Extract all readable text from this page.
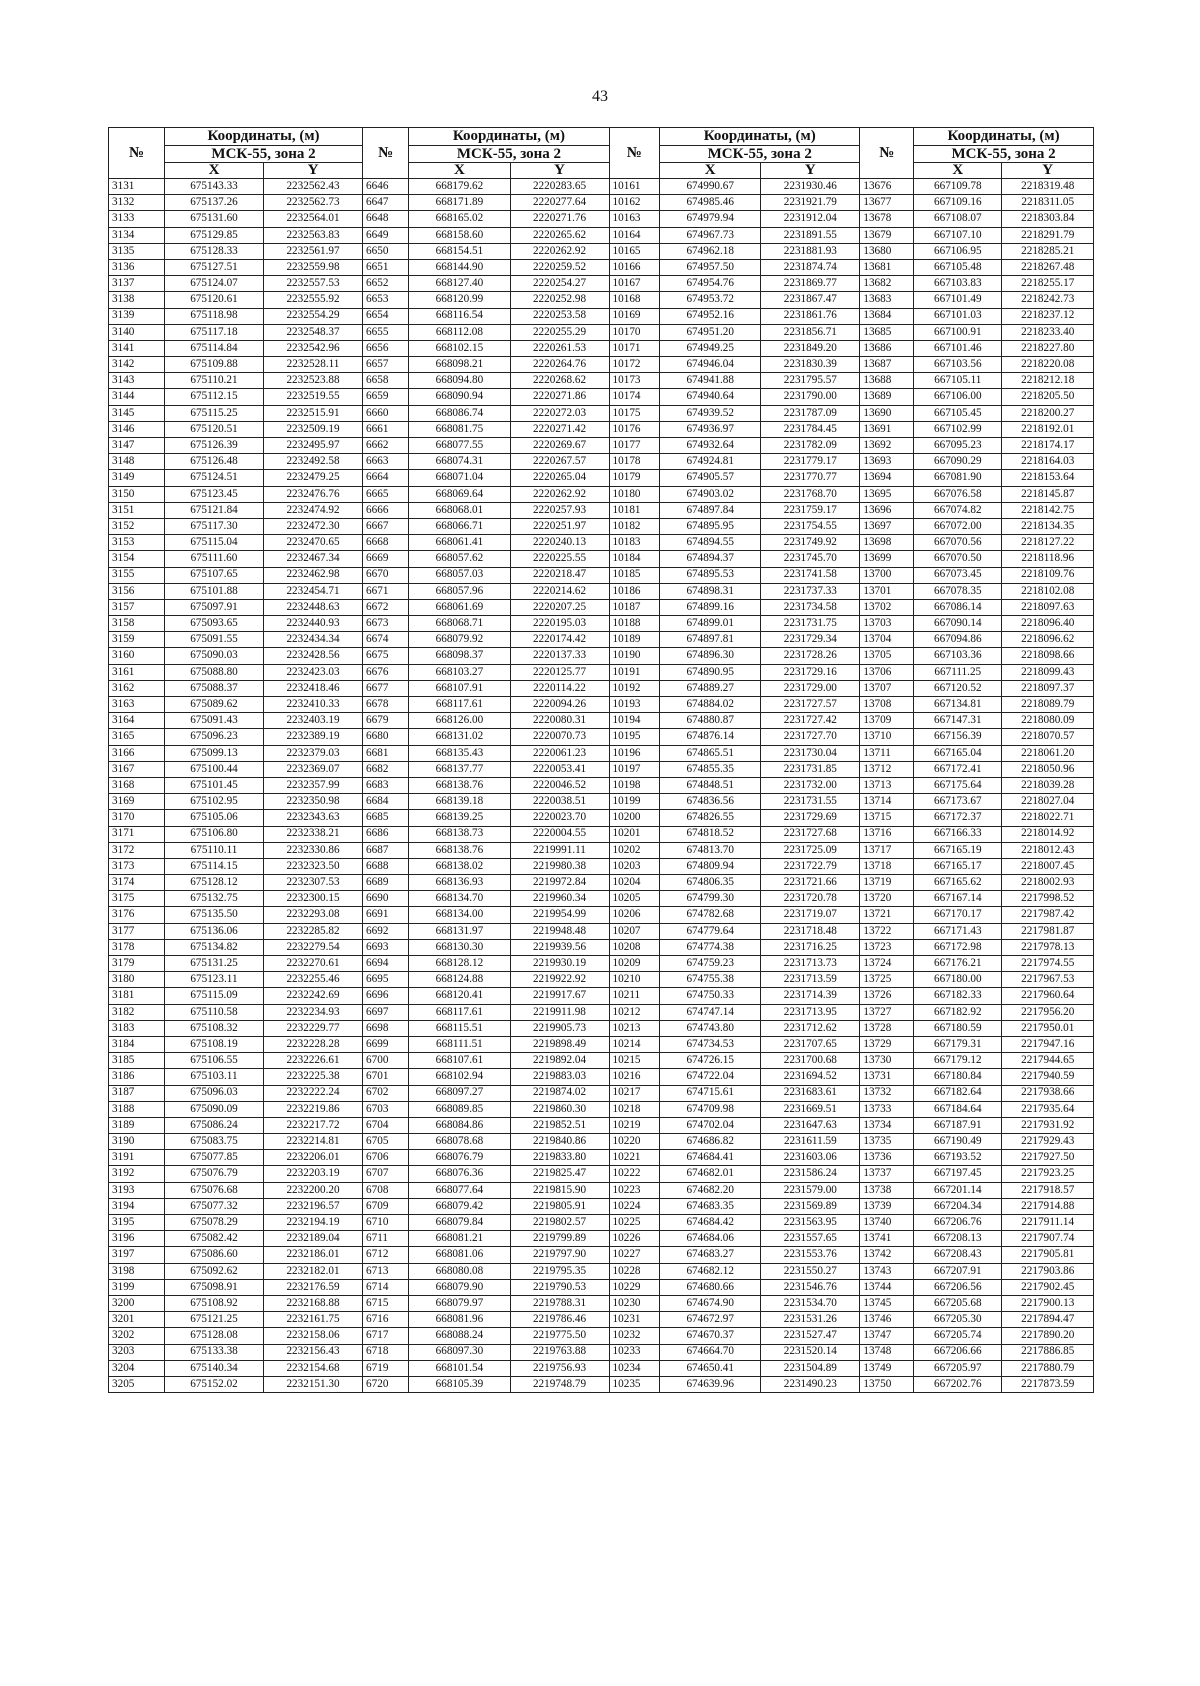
43
№	Координаты, (м)		№	Координаты, (м)		№	Координаты, (м)		№	Координаты, (м)	
	МСК-55, зона 2			МСК-55, зона 2			МСК-55, зона 2			МСК-55, зона 2	
	X	Y		X	Y		X	Y		X	Y
3131	675143.33	2232562.43	6646	668179.62	2220283.65	10161	674990.67	2231930.46	13676	667109.78	2218319.48
3132	675137.26	2232562.73	6647	668171.89	2220277.64	10162	674985.46	2231921.79	13677	667109.16	2218311.05
3133	675131.60	2232564.01	6648	668165.02	2220271.76	10163	674979.94	2231912.04	13678	667108.07	2218303.84
3134	675129.85	2232563.83	6649	668158.60	2220265.62	10164	674967.73	2231891.55	13679	667107.10	2218291.79
3135	675128.33	2232561.97	6650	668154.51	2220262.92	10165	674962.18	2231881.93	13680	667106.95	2218285.21
3136	675127.51	2232559.98	6651	668144.90	2220259.52	10166	674957.50	2231874.74	13681	667105.48	2218267.48
3137	675124.07	2232557.53	6652	668127.40	2220254.27	10167	674954.76	2231869.77	13682	667103.83	2218255.17
3138	675120.61	2232555.92	6653	668120.99	2220252.98	10168	674953.72	2231867.47	13683	667101.49	2218242.73
3139	675118.98	2232554.29	6654	668116.54	2220253.58	10169	674952.16	2231861.76	13684	667101.03	2218237.12
3140	675117.18	2232548.37	6655	668112.08	2220255.29	10170	674951.20	2231856.71	13685	667100.91	2218233.40
3141	675114.84	2232542.96	6656	668102.15	2220261.53	10171	674949.25	2231849.20	13686	667101.46	2218227.80
3142	675109.88	2232528.11	6657	668098.21	2220264.76	10172	674946.04	2231830.39	13687	667103.56	2218220.08
3143	675110.21	2232523.88	6658	668094.80	2220268.62	10173	674941.88	2231795.57	13688	667105.11	2218212.18
3144	675112.15	2232519.55	6659	668090.94	2220271.86	10174	674940.64	2231790.00	13689	667106.00	2218205.50
3145	675115.25	2232515.91	6660	668086.74	2220272.03	10175	674939.52	2231787.09	13690	667105.45	2218200.27
3146	675120.51	2232509.19	6661	668081.75	2220271.42	10176	674936.97	2231784.45	13691	667102.99	2218192.01
3147	675126.39	2232495.97	6662	668077.55	2220269.67	10177	674932.64	2231782.09	13692	667095.23	2218174.17
3148	675126.48	2232492.58	6663	668074.31	2220267.57	10178	674924.81	2231779.17	13693	667090.29	2218164.03
3149	675124.51	2232479.25	6664	668071.04	2220265.04	10179	674905.57	2231770.77	13694	667081.90	2218153.64
3150	675123.45	2232476.76	6665	668069.64	2220262.92	10180	674903.02	2231768.70	13695	667076.58	2218145.87
3151	675121.84	2232474.92	6666	668068.01	2220257.93	10181	674897.84	2231759.17	13696	667074.82	2218142.75
3152	675117.30	2232472.30	6667	668066.71	2220251.97	10182	674895.95	2231754.55	13697	667072.00	2218134.35
3153	675115.04	2232470.65	6668	668061.41	2220240.13	10183	674894.55	2231749.92	13698	667070.56	2218127.22
3154	675111.60	2232467.34	6669	668057.62	2220225.55	10184	674894.37	2231745.70	13699	667070.50	2218118.96
3155	675107.65	2232462.98	6670	668057.03	2220218.47	10185	674895.53	2231741.58	13700	667073.45	2218109.76
3156	675101.88	2232454.71	6671	668057.96	2220214.62	10186	674898.31	2231737.33	13701	667078.35	2218102.08
3157	675097.91	2232448.63	6672	668061.69	2220207.25	10187	674899.16	2231734.58	13702	667086.14	2218097.63
3158	675093.65	2232440.93	6673	668068.71	2220195.03	10188	674899.01	2231731.75	13703	667090.14	2218096.40
3159	675091.55	2232434.34	6674	668079.92	2220174.42	10189	674897.81	2231729.34	13704	667094.86	2218096.62
3160	675090.03	2232428.56	6675	668098.37	2220137.33	10190	674896.30	2231728.26	13705	667103.36	2218098.66
3161	675088.80	2232423.03	6676	668103.27	2220125.77	10191	674890.95	2231729.16	13706	667111.25	2218099.43
3162	675088.37	2232418.46	6677	668107.91	2220114.22	10192	674889.27	2231729.00	13707	667120.52	2218097.37
3163	675089.62	2232410.33	6678	668117.61	2220094.26	10193	674884.02	2231727.57	13708	667134.81	2218089.79
3164	675091.43	2232403.19	6679	668126.00	2220080.31	10194	674880.87	2231727.42	13709	667147.31	2218080.09
3165	675096.23	2232389.19	6680	668131.02	2220070.73	10195	674876.14	2231727.70	13710	667156.39	2218070.57
3166	675099.13	2232379.03	6681	668135.43	2220061.23	10196	674865.51	2231730.04	13711	667165.04	2218061.20
3167	675100.44	2232369.07	6682	668137.77	2220053.41	10197	674855.35	2231731.85	13712	667172.41	2218050.96
3168	675101.45	2232357.99	6683	668138.76	2220046.52	10198	674848.51	2231732.00	13713	667175.64	2218039.28
3169	675102.95	2232350.98	6684	668139.18	2220038.51	10199	674836.56	2231731.55	13714	667173.67	2218027.04
3170	675105.06	2232343.63	6685	668139.25	2220023.70	10200	674826.55	2231729.69	13715	667172.37	2218022.71
3171	675106.80	2232338.21	6686	668138.73	2220004.55	10201	674818.52	2231727.68	13716	667166.33	2218014.92
3172	675110.11	2232330.86	6687	668138.76	2219991.11	10202	674813.70	2231725.09	13717	667165.19	2218012.43
3173	675114.15	2232323.50	6688	668138.02	2219980.38	10203	674809.94	2231722.79	13718	667165.17	2218007.45
3174	675128.12	2232307.53	6689	668136.93	2219972.84	10204	674806.35	2231721.66	13719	667165.62	2218002.93
3175	675132.75	2232300.15	6690	668134.70	2219960.34	10205	674799.30	2231720.78	13720	667167.14	2217998.52
3176	675135.50	2232293.08	6691	668134.00	2219954.99	10206	674782.68	2231719.07	13721	667170.17	2217987.42
3177	675136.06	2232285.82	6692	668131.97	2219948.48	10207	674779.64	2231718.48	13722	667171.43	2217981.87
3178	675134.82	2232279.54	6693	668130.30	2219939.56	10208	674774.38	2231716.25	13723	667172.98	2217978.13
3179	675131.25	2232270.61	6694	668128.12	2219930.19	10209	674759.23	2231713.73	13724	667176.21	2217974.55
3180	675123.11	2232255.46	6695	668124.88	2219922.92	10210	674755.38	2231713.59	13725	667180.00	2217967.53
3181	675115.09	2232242.69	6696	668120.41	2219917.67	10211	674750.33	2231714.39	13726	667182.33	2217960.64
3182	675110.58	2232234.93	6697	668117.61	2219911.98	10212	674747.14	2231713.95	13727	667182.92	2217956.20
3183	675108.32	2232229.77	6698	668115.51	2219905.73	10213	674743.80	2231712.62	13728	667180.59	2217950.01
3184	675108.19	2232228.28	6699	668111.51	2219898.49	10214	674734.53	2231707.65	13729	667179.31	2217947.16
3185	675106.55	2232226.61	6700	668107.61	2219892.04	10215	674726.15	2231700.68	13730	667179.12	2217944.65
3186	675103.11	2232225.38	6701	668102.94	2219883.03	10216	674722.04	2231694.52	13731	667180.84	2217940.59
3187	675096.03	2232222.24	6702	668097.27	2219874.02	10217	674715.61	2231683.61	13732	667182.64	2217938.66
3188	675090.09	2232219.86	6703	668089.85	2219860.30	10218	674709.98	2231669.51	13733	667184.64	2217935.64
3189	675086.24	2232217.72	6704	668084.86	2219852.51	10219	674702.04	2231647.63	13734	667187.91	2217931.92
3190	675083.75	2232214.81	6705	668078.68	2219840.86	10220	674686.82	2231611.59	13735	667190.49	2217929.43
3191	675077.85	2232206.01	6706	668076.79	2219833.80	10221	674684.41	2231603.06	13736	667193.52	2217927.50
3192	675076.79	2232203.19	6707	668076.36	2219825.47	10222	674682.01	2231586.24	13737	667197.45	2217923.25
3193	675076.68	2232200.20	6708	668077.64	2219815.90	10223	674682.20	2231579.00	13738	667201.14	2217918.57
3194	675077.32	2232196.57	6709	668079.42	2219805.91	10224	674683.35	2231569.89	13739	667204.34	2217914.88
3195	675078.29	2232194.19	6710	668079.84	2219802.57	10225	674684.42	2231563.95	13740	667206.76	2217911.14
3196	675082.42	2232189.04	6711	668081.21	2219799.89	10226	674684.06	2231557.65	13741	667208.13	2217907.74
3197	675086.60	2232186.01	6712	668081.06	2219797.90	10227	674683.27	2231553.76	13742	667208.43	2217905.81
3198	675092.62	2232182.01	6713	668080.08	2219795.35	10228	674682.12	2231550.27	13743	667207.91	2217903.86
3199	675098.91	2232176.59	6714	668079.90	2219790.53	10229	674680.66	2231546.76	13744	667206.56	2217902.45
3200	675108.92	2232168.88	6715	668079.97	2219788.31	10230	674674.90	2231534.70	13745	667205.68	2217900.13
3201	675121.25	2232161.75	6716	668081.96	2219786.46	10231	674672.97	2231531.26	13746	667205.30	2217894.47
3202	675128.08	2232158.06	6717	668088.24	2219775.50	10232	674670.37	2231527.47	13747	667205.74	2217890.20
3203	675133.38	2232156.43	6718	668097.30	2219763.88	10233	674664.70	2231520.14	13748	667206.66	2217886.85
3204	675140.34	2232154.68	6719	668101.54	2219756.93	10234	674650.41	2231504.89	13749	667205.97	2217880.79
3205	675152.02	2232151.30	6720	668105.39	2219748.79	10235	674639.96	2231490.23	13750	667202.76	2217873.59
